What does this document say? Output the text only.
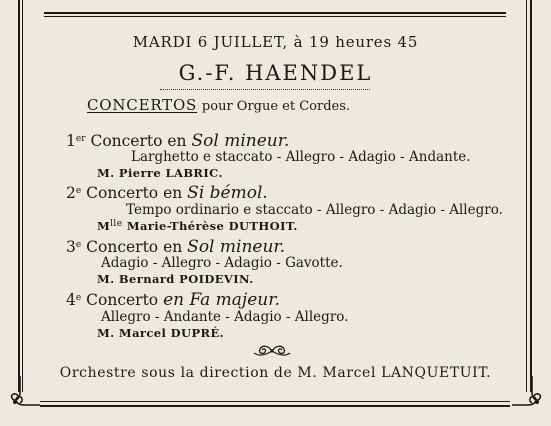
MARDI 6 JUILLET, à 19 heures 45
G.-F. HAENDEL
CONCERTOS pour Orgue et Cordes.
1er Concerto en Sol mineur.
Larghetto e staccato - Allegro - Adagio - Andante.
M. Pierre LABRIC.
2e Concerto en Si bémol.
Tempo ordinario e staccato - Allegro - Adagio - Allegro.
$M^{lle}$ Marie-Thérèse DUTHOIT.
3e Concerto en Sol mineur.
Adagio - Allegro - Adagio - Gavotte.
M. Bernard POIDEVIN.
4e Concerto en Fa majeur.
Allegro - Andante - Adagio - Allegro.
M. Marcel DUPRÉ.
Orchestre sous la direction de M. Marcel LANQUETUIT.
